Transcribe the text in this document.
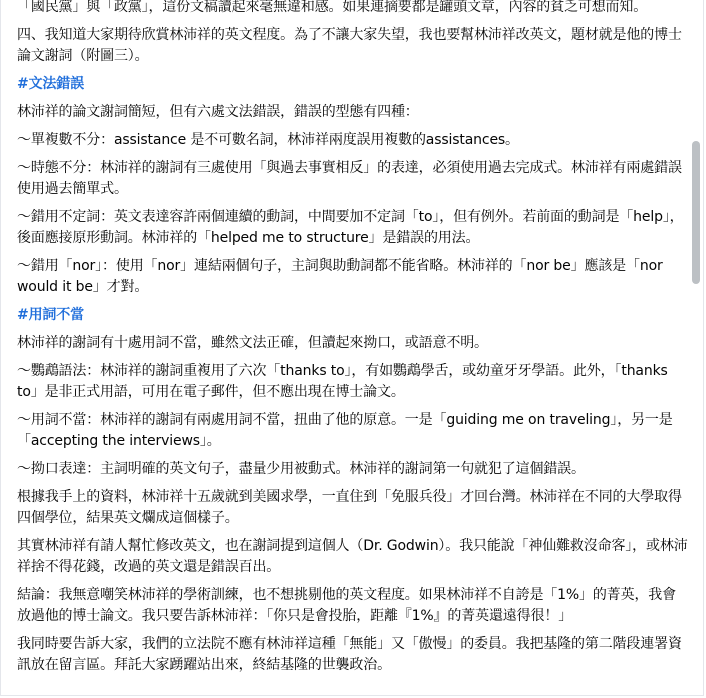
「國民黨」與「政黨」，這份文稿讀起來毫無違和感。如果連摘要都是罐頭文章，內容的貧乏可想而知。

四、我知道大家期待欣賞林沛祥的英文程度。為了不讓大家失望，我也要幫林沛祥改英文，題材就是他的博士論文謝詞（附圖三）。

#文法錯誤

林沛祥的論文謝詞簡短，但有六處文法錯誤，錯誤的型態有四種：

～單複數不分：assistance 是不可數名詞，林沛祥兩度誤用複數的assistances。

～時態不分：林沛祥的謝詞有三處使用「與過去事實相反」的表達，必須使用過去完成式。林沛祥有兩處錯誤使用過去簡單式。

～錯用不定詞：英文表達容許兩個連續的動詞，中間要加不定詞「to」，但有例外。若前面的動詞是「help」，後面應接原形動詞。林沛祥的「helped me to structure」是錯誤的用法。

～錯用「nor」：使用「nor」連結兩個句子，主詞與助動詞都不能省略。林沛祥的「nor be」應該是「nor would it be」才對。

#用詞不當

林沛祥的謝詞有十處用詞不當，雖然文法正確，但讀起來拗口，或語意不明。

～鸚鵡語法：林沛祥的謝詞重複用了六次「thanks to」，有如鸚鵡學舌，或幼童牙牙學語。此外，「thanks to」是非正式用語，可用在電子郵件，但不應出現在博士論文。

～用詞不當：林沛祥的謝詞有兩處用詞不當，扭曲了他的原意。一是「guiding me on traveling」，另一是「accepting the interviews」。

～拗口表達：主詞明確的英文句子，盡量少用被動式。林沛祥的謝詞第一句就犯了這個錯誤。

根據我手上的資料，林沛祥十五歲就到美國求學，一直住到「免服兵役」才回台灣。林沛祥在不同的大學取得四個學位，結果英文爛成這個樣子。

其實林沛祥有請人幫忙修改英文，也在謝詞提到這個人（Dr. Godwin）。我只能說「神仙難救沒命客」，或林沛祥捨不得花錢，改過的英文還是錯誤百出。

結論：我無意嘲笑林沛祥的學術訓練，也不想挑剔他的英文程度。如果林沛祥不自誇是「1%」的菁英，我會放過他的博士論文。我只要告訴林沛祥：「你只是會投胎，距離『1%』的菁英還遠得很！」

我同時要告訴大家，我們的立法院不應有林沛祥這種「無能」又「傲慢」的委員。我把基隆的第二階段連署資訊放在留言區。拜託大家踴躍站出來，終結基隆的世襲政治。
